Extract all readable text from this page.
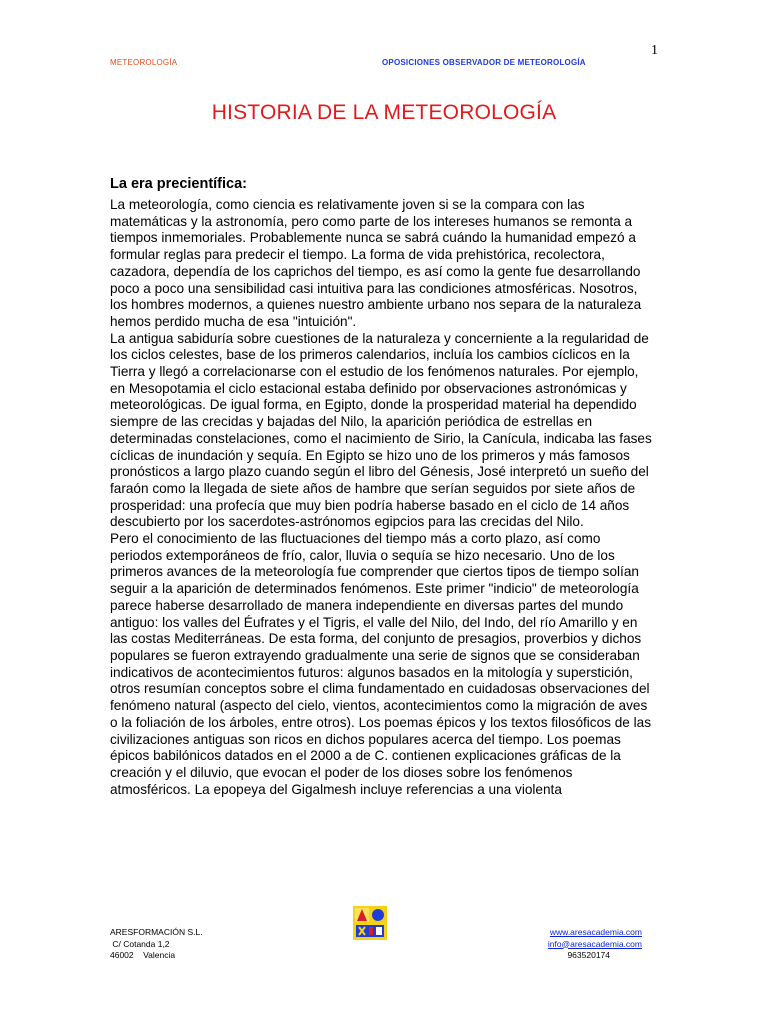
1
METEOROLOGÍA	OPOSICIONES OBSERVADOR DE METEOROLOGÍA
HISTORIA DE LA METEOROLOGÍA
La era precientífica:

La meteorología, como ciencia es relativamente joven si se la compara con las matemáticas y la astronomía, pero como parte de los intereses humanos se remonta a tiempos inmemoriales. Probablemente nunca se sabrá cuándo la humanidad empezó a formular reglas para predecir el tiempo. La forma de vida prehistórica, recolectora, cazadora, dependía de los caprichos del tiempo, es así como la gente fue desarrollando poco a poco una sensibilidad casi intuitiva para las condiciones atmosféricas. Nosotros, los hombres modernos, a quienes nuestro ambiente urbano nos separa de la naturaleza hemos perdido mucha de esa "intuición".

La antigua sabiduría sobre cuestiones de la naturaleza y concerniente a la regularidad de los ciclos celestes, base de los primeros calendarios, incluía los cambios cíclicos en la Tierra y llegó a correlacionarse con el estudio de los fenómenos naturales. Por ejemplo, en Mesopotamia el ciclo estacional estaba definido por observaciones astronómicas y meteorológicas. De igual forma, en Egipto, donde la prosperidad material ha dependido siempre de las crecidas y bajadas del Nilo, la aparición periódica de estrellas en determinadas constelaciones, como el nacimiento de Sirio, la Canícula, indicaba las fases cíclicas de inundación y sequía. En Egipto se hizo uno de los primeros y más famosos pronósticos a largo plazo cuando según el libro del Génesis, José interpretó un sueño del faraón como la llegada de siete años de hambre que serían seguidos por siete años de prosperidad: una profecía que muy bien podría haberse basado en el ciclo de 14 años descubierto por los sacerdotes-astrónomos egipcios para las crecidas del Nilo.

Pero el conocimiento de las fluctuaciones del tiempo más a corto plazo, así como periodos extemporáneos de frío, calor, lluvia o sequía se hizo necesario. Uno de los primeros avances de la meteorología fue comprender que ciertos tipos de tiempo solían seguir a la aparición de determinados fenómenos. Este primer "indicio" de meteorología parece haberse desarrollado de manera independiente en diversas partes del mundo antiguo: los valles del Éufrates y el Tigris, el valle del Nilo, del Indo, del río Amarillo y en las costas Mediterráneas. De esta forma, del conjunto de presagios, proverbios y dichos populares se fueron extrayendo gradualmente una serie de signos que se consideraban indicativos de acontecimientos futuros: algunos basados en la mitología y superstición, otros resumían conceptos sobre el clima fundamentado en cuidadosas observaciones del fenómeno natural (aspecto del cielo, vientos, acontecimientos como la migración de aves o la foliación de los árboles, entre otros). Los poemas épicos y los textos filosóficos de las civilizaciones antiguas son ricos en dichos populares acerca del tiempo. Los poemas épicos babilónicos datados en el 2000 a de C. contienen explicaciones gráficas de la creación y el diluvio, que evocan el poder de los dioses sobre los fenómenos atmosféricos. La epopeya del Gigalmesh incluye referencias a una violenta

ARESFORMACIÓN S.L.
C/ Cotanda 1,2
46002    Valencia
www.aresacademia.com
info@aresacademia.com
963520174
